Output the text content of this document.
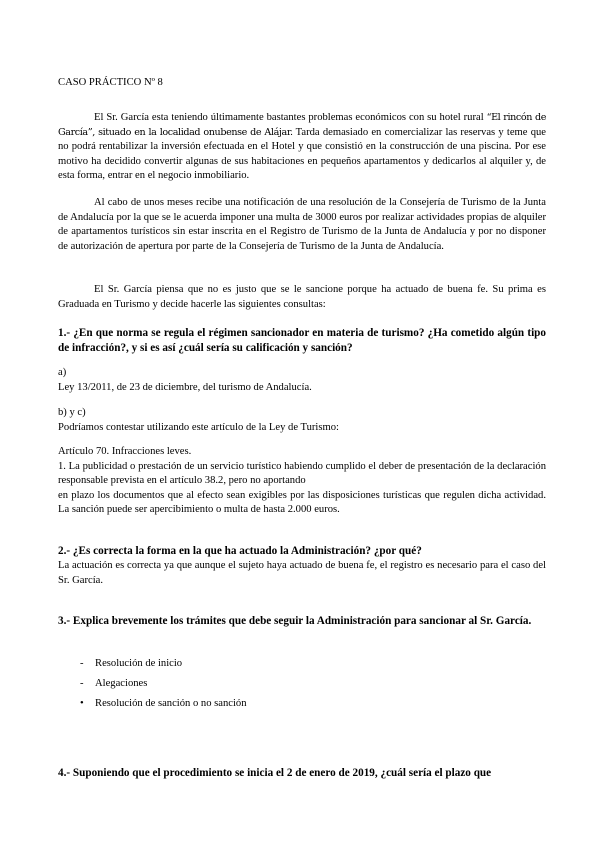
CASO PRÁCTICO Nº 8

El Sr. García esta teniendo últimamente bastantes problemas económicos con su hotel rural “El rincón de García”, situado en la localidad onubense de Alájar. Tarda demasiado en comercializar las reservas y teme que no podrá rentabilizar la inversión efectuada en el Hotel y que consistió en la construcción de una piscina. Por ese motivo ha decidido convertir algunas de sus habitaciones en pequeños apartamentos y dedicarlos al alquiler y, de esta forma, entrar en el negocio inmobiliario.

Al cabo de unos meses recibe una notificación de una resolución de la Consejería de Turismo de la Junta de Andalucía por la que se le acuerda imponer una multa de 3000 euros por realizar actividades propias de alquiler de apartamentos turísticos sin estar inscrita en el Registro de Turismo de la Junta de Andalucía y por no disponer de autorización de apertura por parte de la Consejería de Turismo de la Junta de Andalucía.

El Sr. García piensa que no es justo que se le sancione porque ha actuado de buena fe. Su prima es Graduada en Turismo y decide hacerle las siguientes consultas:

1.- ¿En que norma se regula el régimen sancionador en materia de turismo? ¿Ha cometido algún tipo de infracción?, y si es así ¿cuál sería su calificación y sanción?

a)
Ley 13/2011, de 23 de diciembre, del turismo de Andalucía.

b) y c)
Podríamos contestar utilizando este artículo de la Ley de Turismo:

Artículo 70. Infracciones leves.
1. La publicidad o prestación de un servicio turístico habiendo cumplido el deber de presentación de la declaración responsable prevista en el artículo 38.2, pero no aportando
en plazo los documentos que al efecto sean exigibles por las disposiciones turísticas que regulen dicha actividad. La sanción puede ser apercibimiento o multa de hasta 2.000 euros.

2.- ¿Es correcta la forma en la que ha actuado la Administración? ¿por qué?

La actuación es correcta ya que aunque el sujeto haya actuado de buena fe, el registro es necesario para el caso del Sr. García.

3.- Explica brevemente los trámites que debe seguir la Administración para sancionar al Sr. García.

- Resolución de inicio
- Alegaciones
• Resolución de sanción o no sanción

4.- Suponiendo que el procedimiento se inicia el 2 de enero de 2019, ¿cuál sería el plazo que
